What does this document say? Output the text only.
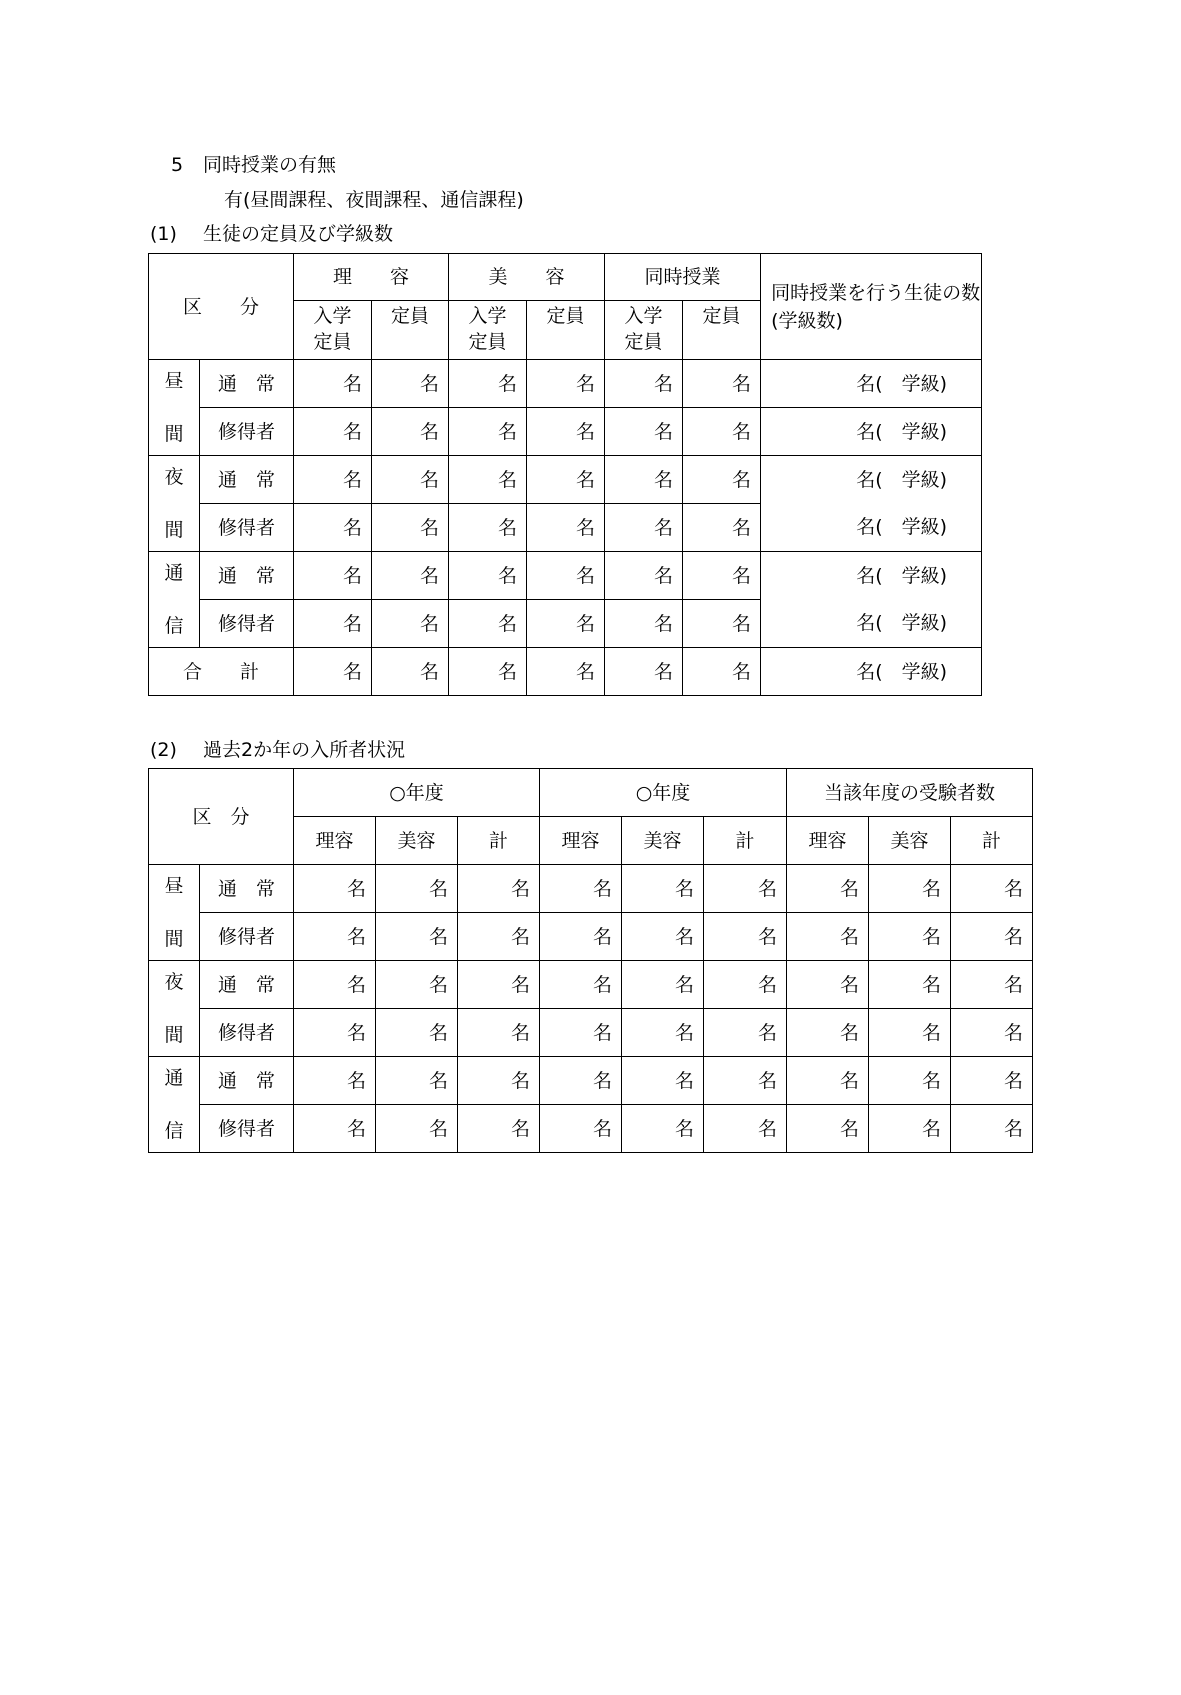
5 同時授業の有無
有(昼間課程、夜間課程、通信課程)
(1) 生徒の定員及び学級数
区　　分		理　　容		美　　容		同時授業		同時授業を行う生徒の数(学級数)
		入学定員	定員	入学定員	定員	入学定員	定員	
昼	通　常	名	名	名	名	名	名	名(　学級)
間	修得者	名	名	名	名	名	名	名(　学級)
夜	通　常	名	名	名	名	名	名	名(　学級)
間	修得者	名	名	名	名	名	名	名(　学級)
通	通　常	名	名	名	名	名	名	名(　学級)
信	修得者	名	名	名	名	名	名	名(　学級)
合　　計		名	名	名	名	名	名	名(　学級)
(2) 過去2か年の入所者状況
区　分		○年度			○年度			当該年度の受験者数		
		理容	美容	計	理容	美容	計	理容	美容	計
昼	通　常	名	名	名	名	名	名	名	名	名
間	修得者	名	名	名	名	名	名	名	名	名
夜	通　常	名	名	名	名	名	名	名	名	名
間	修得者	名	名	名	名	名	名	名	名	名
通	通　常	名	名	名	名	名	名	名	名	名
信	修得者	名	名	名	名	名	名	名	名	名
